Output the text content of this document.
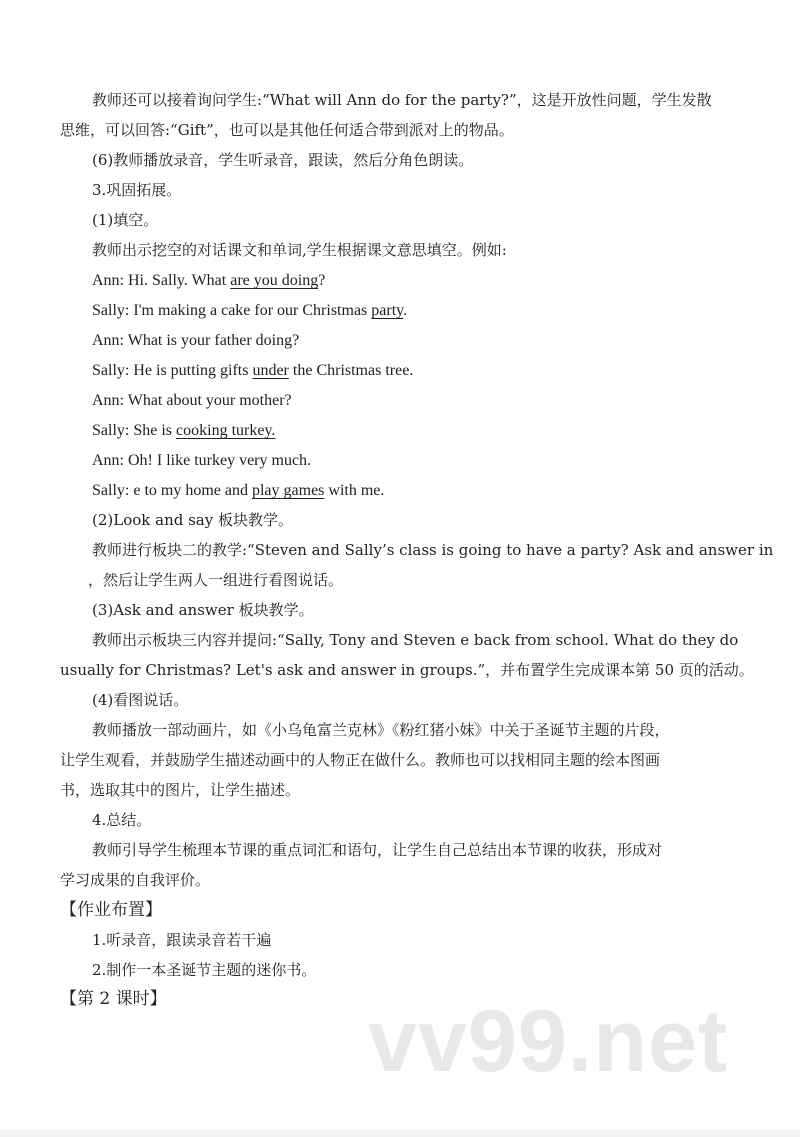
教师还可以接着询问学生:“What will Ann do for the party?”，这是开放性问题，学生发散
思维，可以回答:“Gift”，也可以是其他任何适合带到派对上的物品。
(6)教师播放录音，学生听录音，跟读，然后分角色朗读。
3.巩固拓展。
(1)填空。
教师出示挖空的对话课文和单词,学生根据课文意思填空。例如:
Ann: Hi. Sally. What are you doing?
Sally: I'm making a cake for our Christmas party.
Ann: What is your father doing?
Sally: He is putting gifts under the Christmas tree.
Ann: What about your mother?
Sally: She is cooking turkey.
Ann: Oh! I like turkey very much.
Sally: e to my home and play games with me.
(2)Look and say 板块教学。
教师进行板块二的教学:“Steven and Sally’s class is going to have a party? Ask and answer in
，然后让学生两人一组进行看图说话。
(3)Ask and answer 板块教学。
教师出示板块三内容并提问:“Sally, Tony and Steven e back from school. What do they do
usually for Christmas? Let's ask and answer in groups.”，并布置学生完成课本第 50 页的活动。
(4)看图说话。
教师播放一部动画片，如《小乌龟富兰克林》《粉红猪小妹》中关于圣诞节主题的片段，
让学生观看，并鼓励学生描述动画中的人物正在做什么。教师也可以找相同主题的绘本图画
书，选取其中的图片，让学生描述。
4.总结。
教师引导学生梳理本节课的重点词汇和语句，让学生自己总结出本节课的收获，形成对
学习成果的自我评价。
【作业布置】
1.听录音，跟读录音若干遍
2.制作一本圣诞节主题的迷你书。
【第 2 课时】 vv99.net
